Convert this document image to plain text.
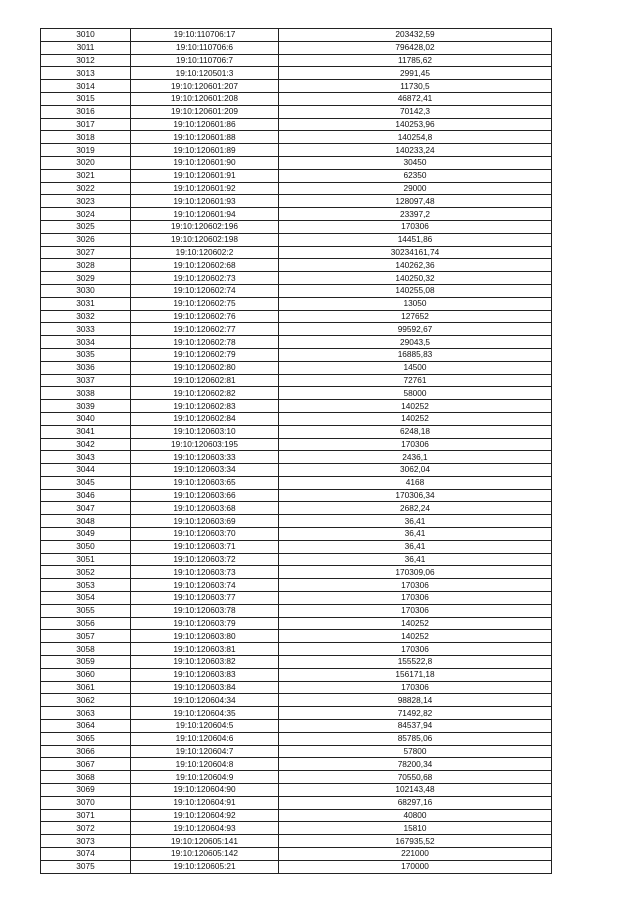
3010	19:10:110706:17	203432,59
3011	19:10:110706:6	796428,02
3012	19:10:110706:7	11785,62
3013	19:10:120501:3	2991,45
3014	19:10:120601:207	11730,5
3015	19:10:120601:208	46872,41
3016	19:10:120601:209	70142,3
3017	19:10:120601:86	140253,96
3018	19:10:120601:88	140254,8
3019	19:10:120601:89	140233,24
3020	19:10:120601:90	30450
3021	19:10:120601:91	62350
3022	19:10:120601:92	29000
3023	19:10:120601:93	128097,48
3024	19:10:120601:94	23397,2
3025	19:10:120602:196	170306
3026	19:10:120602:198	14451,86
3027	19:10:120602:2	30234161,74
3028	19:10:120602:68	140262,36
3029	19:10:120602:73	140250,32
3030	19:10:120602:74	140255,08
3031	19:10:120602:75	13050
3032	19:10:120602:76	127652
3033	19:10:120602:77	99592,67
3034	19:10:120602:78	29043,5
3035	19:10:120602:79	16885,83
3036	19:10:120602:80	14500
3037	19:10:120602:81	72761
3038	19:10:120602:82	58000
3039	19:10:120602:83	140252
3040	19:10:120602:84	140252
3041	19:10:120603:10	6248,18
3042	19:10:120603:195	170306
3043	19:10:120603:33	2436,1
3044	19:10:120603:34	3062,04
3045	19:10:120603:65	4168
3046	19:10:120603:66	170306,34
3047	19:10:120603:68	2682,24
3048	19:10:120603:69	36,41
3049	19:10:120603:70	36,41
3050	19:10:120603:71	36,41
3051	19:10:120603:72	36,41
3052	19:10:120603:73	170309,06
3053	19:10:120603:74	170306
3054	19:10:120603:77	170306
3055	19:10:120603:78	170306
3056	19:10:120603:79	140252
3057	19:10:120603:80	140252
3058	19:10:120603:81	170306
3059	19:10:120603:82	155522,8
3060	19:10:120603:83	156171,18
3061	19:10:120603:84	170306
3062	19:10:120604:34	98828,14
3063	19:10:120604:35	71492,82
3064	19:10:120604:5	84537,94
3065	19:10:120604:6	85785,06
3066	19:10:120604:7	57800
3067	19:10:120604:8	78200,34
3068	19:10:120604:9	70550,68
3069	19:10:120604:90	102143,48
3070	19:10:120604:91	68297,16
3071	19:10:120604:92	40800
3072	19:10:120604:93	15810
3073	19:10:120605:141	167935,52
3074	19:10:120605:142	221000
3075	19:10:120605:21	170000
